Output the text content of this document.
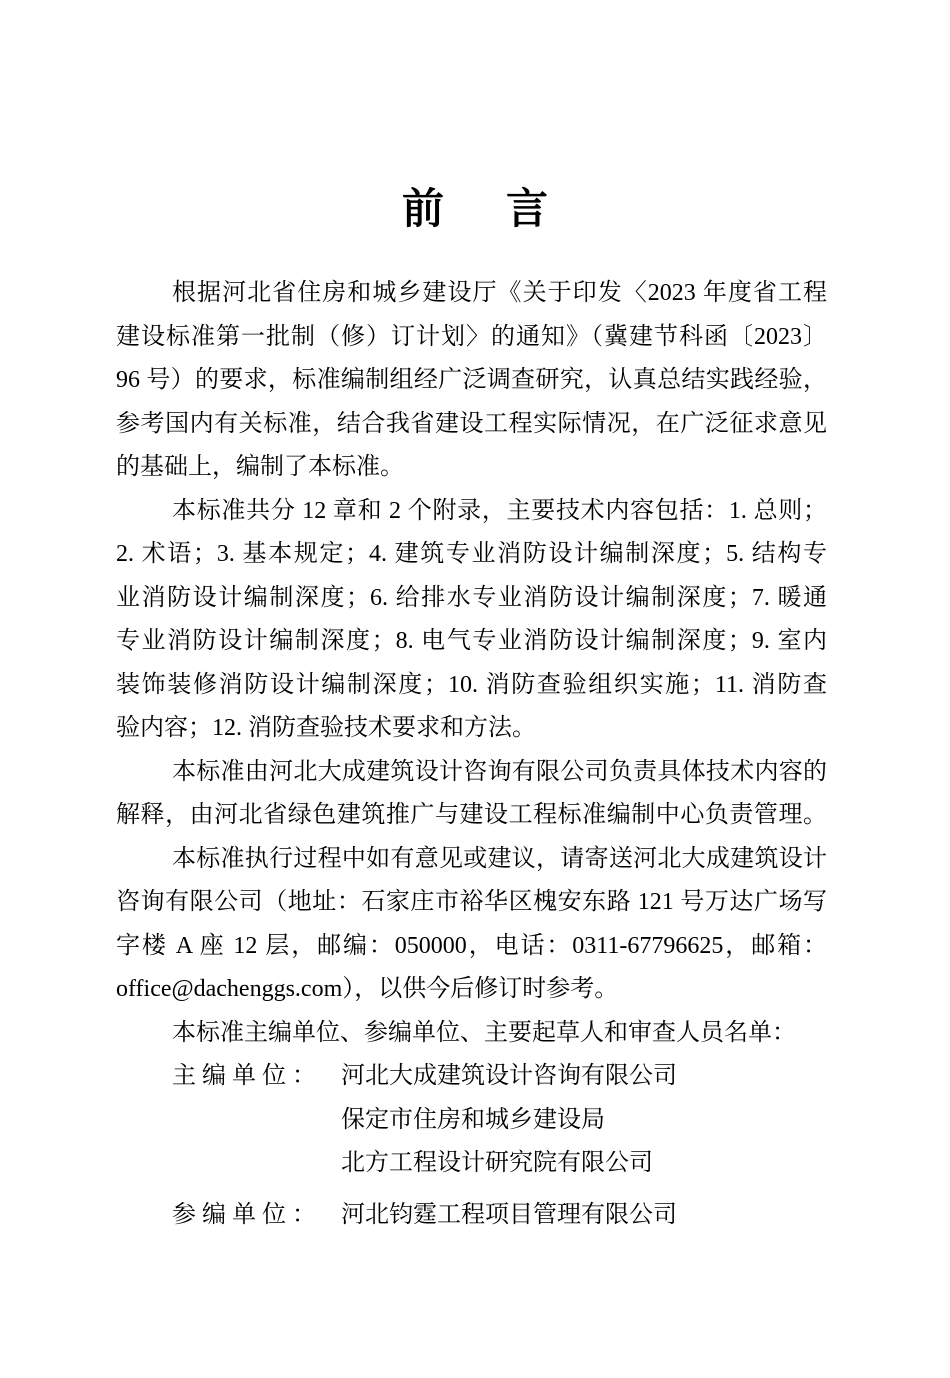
前 言
根据河北省住房和城乡建设厅《关于印发〈2023 年度省工程
建设标准第一批制（修）订计划〉的通知》（冀建节科函〔2023〕
96 号）的要求，标准编制组经广泛调查研究，认真总结实践经验，
参考国内有关标准，结合我省建设工程实际情况，在广泛征求意见
的基础上，编制了本标准。
本标准共分 12 章和 2 个附录，主要技术内容包括：1. 总则；
2. 术语；3. 基本规定；4. 建筑专业消防设计编制深度；5. 结构专
业消防设计编制深度；6. 给排水专业消防设计编制深度；7. 暖通
专业消防设计编制深度；8. 电气专业消防设计编制深度；9. 室内
装饰装修消防设计编制深度；10. 消防查验组织实施；11. 消防查
验内容；12. 消防查验技术要求和方法。
本标准由河北大成建筑设计咨询有限公司负责具体技术内容的
解释，由河北省绿色建筑推广与建设工程标准编制中心负责管理。
本标准执行过程中如有意见或建议，请寄送河北大成建筑设计
咨询有限公司（地址：石家庄市裕华区槐安东路 121 号万达广场写
字楼 A 座 12 层，邮编：050000，电话：0311-67796625，邮箱：
office@dachenggs.com），以供今后修订时参考。
本标准主编单位、参编单位、主要起草人和审查人员名单：
主编单位： 河北大成建筑设计咨询有限公司
保定市住房和城乡建设局
北方工程设计研究院有限公司
参编单位： 河北钧霆工程项目管理有限公司
